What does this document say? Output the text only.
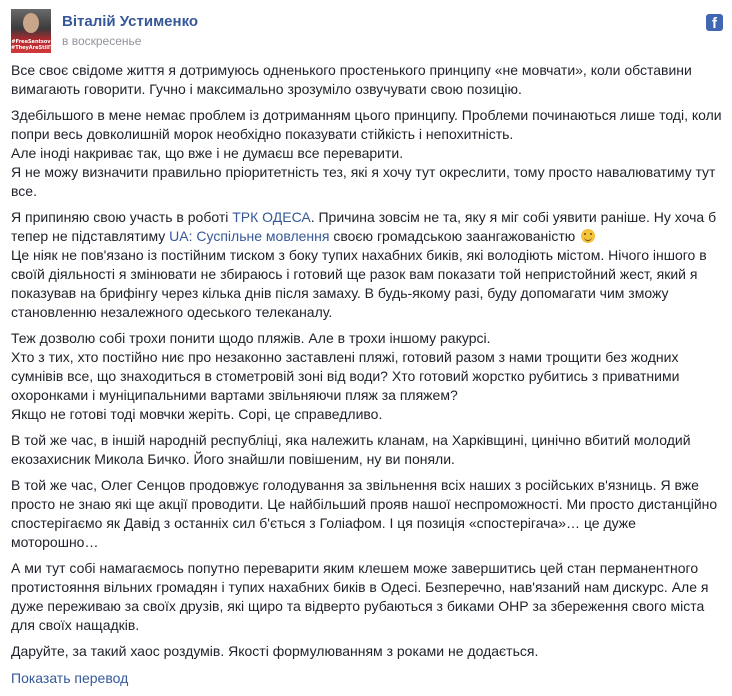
#FreeSentsov #TheyAreStillThere
Віталій Устименко
в воскресенье
f

Все своє свідоме життя я дотримуюсь одненького простенького принципу «не мовчати», коли обставини вимагають говорити. Гучно і максимально зрозуміло озвучувати свою позицію.

Здебільшого в мене немає проблем із дотриманням цього принципу. Проблеми починаються лише тоді, коли попри весь довколишній морок необхідно показувати стійкість і непохитність.
Але іноді накриває так, що вже і не думаєш все переварити.
Я не можу визначити правильно пріоритетність тез, які я хочу тут окреслити, тому просто навалюватиму тут все.

Я припиняю свою участь в роботі ТРК ОДЕСА. Причина зовсім не та, яку я міг собі уявити раніше. Ну хоча б тепер не підставлятиму UA: Суспільне мовлення своєю громадською заангажованістю
Це ніяк не пов'язано із постійним тиском з боку тупих нахабних биків, які володіють містом. Нічого іншого в своїй діяльності я змінювати не збираюсь і готовий ще разок вам показати той непристойний жест, який я показував на брифінгу через кілька днів після замаху. В будь-якому разі, буду допомагати чим зможу становленню незалежного одеського телеканалу.

Теж дозволю собі трохи понити щодо пляжів. Але в трохи іншому ракурсі.
Хто з тих, хто постійно ниє про незаконно заставлені пляжі, готовий разом з нами трощити без жодних сумнівів все, що знаходиться в стометровій зоні від води? Хто готовий жорстко рубитись з приватними охоронками і муніципальними вартами звільняючи пляж за пляжем?
Якщо не готові тоді мовчки жеріть. Сорі, це справедливо.

В той же час, в іншій народній республіці, яка належить кланам, на Харківщині, цинічно вбитий молодий екозахисник Микола Бичко. Його знайшли повішеним, ну ви поняли.

В той же час, Олег Сенцов продовжує голодування за звільнення всіх наших з російських в'язниць. Я вже просто не знаю які ще акції проводити. Це найбільший прояв нашої неспроможності. Ми просто дистанційно спостерігаємо як Давід з останніх сил б'ється з Голіафом. І ця позиція «спостерігача»… це дуже моторошно…

А ми тут собі намагаємось попутно переварити яким клешем може завершитись цей стан перманентного протистояння вільних громадян і тупих нахабних биків в Одесі. Безперечно, нав'язаний нам дискурс. Але я дуже переживаю за своїх друзів, які щиро та відверто рубаються з биками ОНР за збереження свого міста для своїх нащадків.

Даруйте, за такий хаос роздумів. Якості формулюванням з роками не додається.

Показать перевод
